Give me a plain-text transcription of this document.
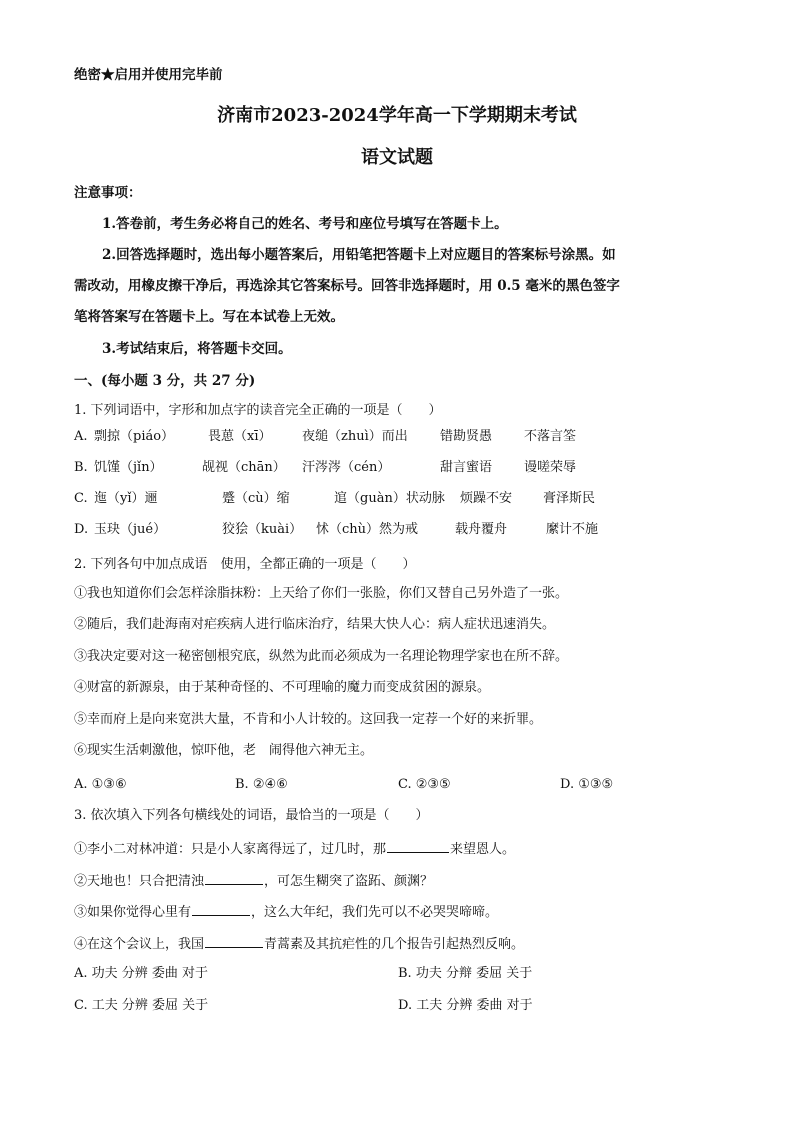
绝密★启用并使用完毕前
济南市2023-2024学年高一下学期期末考试
语文试题
注意事项：
1.答卷前，考生务必将自己的姓名、考号和座位号填写在答题卡上。
2.回答选择题时，选出每小题答案后，用铅笔把答题卡上对应题目的答案标号涂黑。如
需改动，用橡皮擦干净后，再选涂其它答案标号。回答非选择题时，用 0.5 毫米的黑色签字
笔将答案写在答题卡上。写在本试卷上无效。
3.考试结束后，将答题卡交回。
一、(每小题 3 分，共 27 分)
1. 下列词语中，字形和加点字的读音完全正确的一项是（　　）
A. 剽掠（piáo）	畏葸（xī） 夜缒（zhuì）而出 错勘贤愚 不落言筌
B. 饥馑（jǐn）	觇视（chān） 汗涔涔（cén）	甜言蜜语 谩嗟荣辱
C. 迤（yǐ）逦	蹙（cù）缩	逭（guàn）状动脉 烦躁不安 膏泽斯民
D. 玉玦（jué）	狡狯（kuài） 怵（chù）然为戒	载舟覆舟	縻计不施
2. 下列各句中加点成语　使用，全都正确的一项是（　　）
①我也知道你们会怎样涂脂抹粉：上天给了你们一张脸，你们又替自己另外造了一张。
②随后，我们赴海南对疟疾病人进行临床治疗，结果大快人心：病人症状迅速消失。
③我决定要对这一秘密刨根究底，纵然为此而必须成为一名理论物理学家也在所不辞。
④财富的新源泉，由于某种奇怪的、不可理喻的魔力而变成贫困的源泉。
⑤幸而府上是向来宽洪大量，不肯和小人计较的。这回我一定荐一个好的来折罪。
⑥现实生活刺激他，惊吓他，老　闹得他六神无主。
A. ①③⑥	B. ②④⑥	C. ②③⑤	D. ①③⑤
3. 依次填入下列各句横线处的词语，最恰当的一项是（　　）
①李小二对林冲道：只是小人家离得远了，过几时，那	来望恩人。
②天地也！只合把清浊	，可怎生糊突了盗跖、颜渊？
③如果你觉得心里有	，这么大年纪，我们先可以不必哭哭啼啼。
④在这个会议上，我国	青蒿素及其抗疟性的几个报告引起热烈反响。
A. 功夫 分辨 委曲 对于	B. 功夫 分辩 委屈 关于
C. 工夫 分辨 委屈 关于	D. 工夫 分辨 委曲 对于
